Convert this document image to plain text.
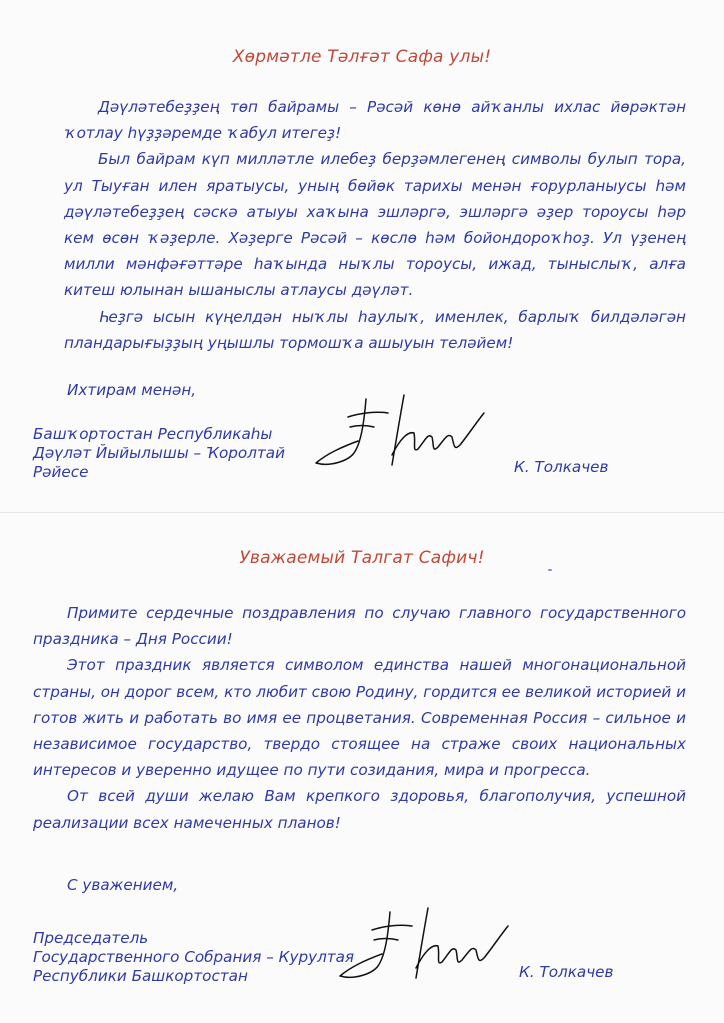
Хөрмәтле Тәлғәт Сафа улы!

Дәүләтебеҙҙең төп байрамы – Рәсәй көнө айҡанлы ихлас йөрәктән ҡотлау һүҙҙәремде ҡабул итегеҙ!

Был байрам күп милләтле илебеҙ берҙәмлегенең символы булып тора, ул Тыуған илен яратыусы, уның бөйөк тарихы менән ғорурланыусы һәм дәүләтебеҙҙең сәскә атыуы хаҡына эшләргә, эшләргә әҙер тороусы һәр кем өсөн ҡәҙерле. Хәҙерге Рәсәй – көслө һәм бойондороҡһоҙ. Ул үҙенең милли мәнфәғәттәре һаҡында ныҡлы тороусы, ижад, тыныслыҡ, алға китеш юлынан ышаныслы атлаусы дәүләт.

Һеҙгә ысын күңелдән ныҡлы һаулыҡ, именлек, барлыҡ билдәләгән пландарығыҙҙың уңышлы тормошҡа ашыуын теләйем!

Ихтирам менән,
Башҡортостан Республикаһы
Дәүләт Йыйылышы – Ҡоролтай
Рәйесе	К. Толкачев
Уважаемый Талгат Сафич!

Примите сердечные поздравления по случаю главного государственного праздника – Дня России!

Этот праздник является символом единства нашей многонациональной страны, он дорог всем, кто любит свою Родину, гордится ее великой историей и готов жить и работать во имя ее процветания. Современная Россия – сильное и независимое государство, твердо стоящее на страже своих национальных интересов и уверенно идущее по пути созидания, мира и прогресса.

От всей души желаю Вам крепкого здоровья, благополучия, успешной реализации всех намеченных планов!

С уважением,
Председатель
Государственного Собрания – Курултая
Республики Башкортостан	К. Толкачев
